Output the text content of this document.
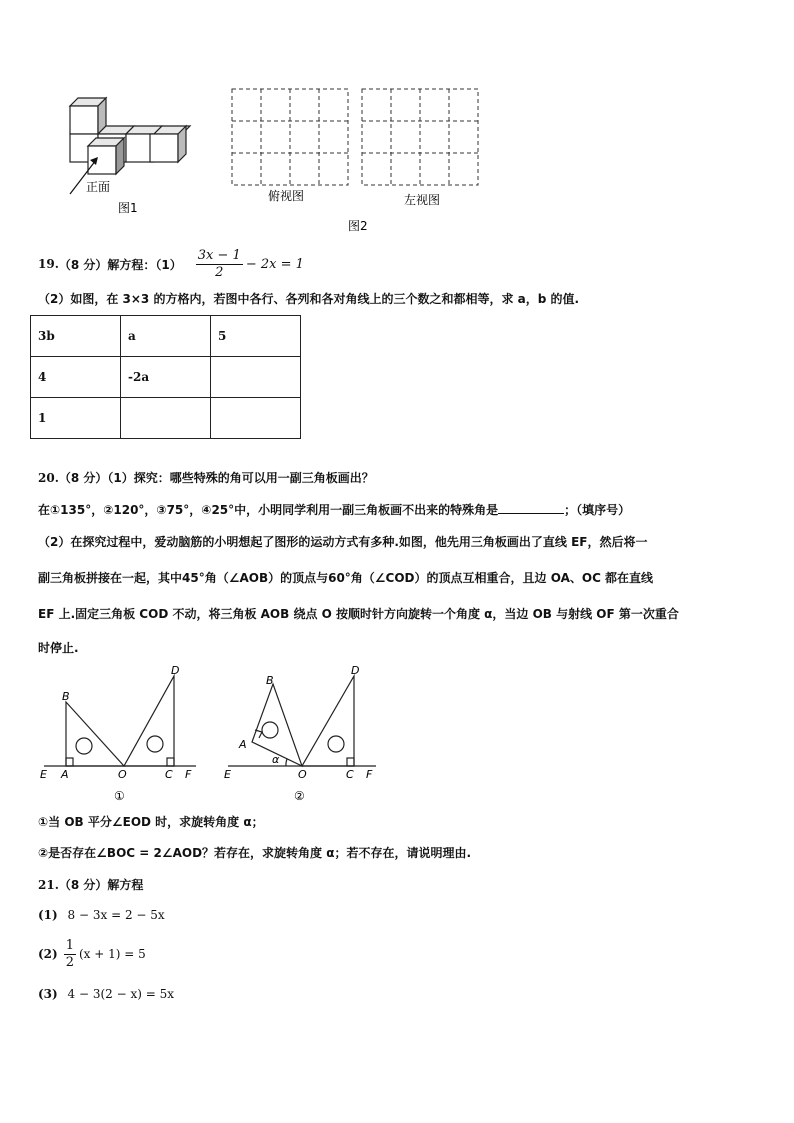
正面
图1
俯视图	左视图
图2
19. （8 分） 解方程：$(1) \frac{3x - 1}{2} - 2x = 1$
（2）如图，在 3×3 的方格内，若图中各行、各列和各对角线上的三个数之和都相等，求 a，b 的值.
3b	a	5
4	-2a	
1		
20.（8 分）（1）探究：哪些特殊的角可以用一副三角板画出？
在①135°，②120°，③75°，④25°中，小明同学利用一副三角板画不出来的特殊角是	；（填序号）
（2）在探究过程中，爱动脑筋的小明想起了图形的运动方式有多种.如图，他先用三角板画出了直线 EF，然后将一
副三角板拼接在一起，其中45°角（∠AOB）的顶点与60°角（∠COD）的顶点互相重合，且边 OA、OC 都在直线
EF 上.固定三角板 COD 不动，将三角板 AOB 绕点 O 按顺时针方向旋转一个角度 α，当边 OB 与射线 OF 第一次重合
时停止.
B
D
E A	O	C F
①
B
D
A
E
α
O	C F
②
①当 OB 平分∠EOD 时，求旋转角度 α；
②是否存在∠BOC = 2∠AOD？若存在，求旋转角度 α；若不存在，请说明理由.
21.（8 分）解方程
(1) 8 − 3x = 2 − 5x
$(2) \frac{1}{2} (x + 1) = 5$
(3) 4 − 3(2 − x) = 5x
